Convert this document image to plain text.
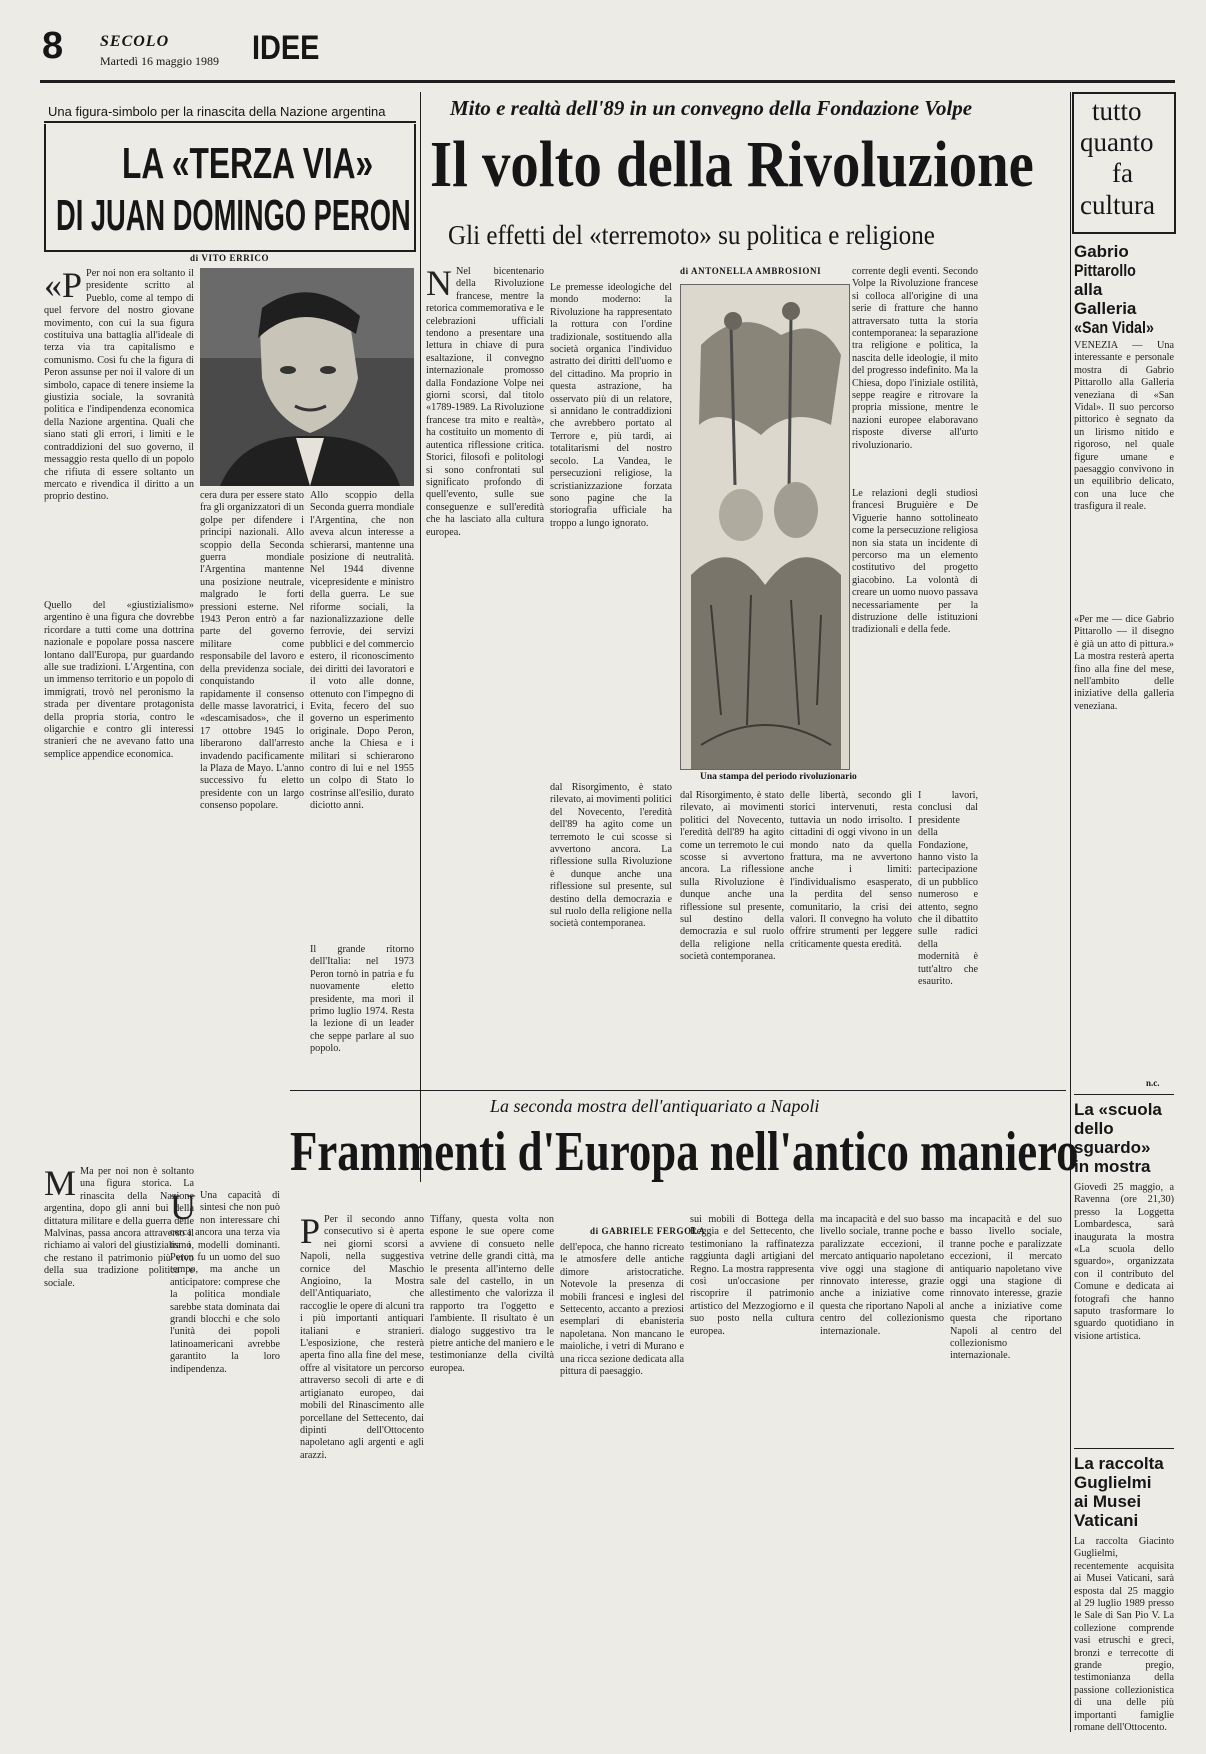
8 SECOLO
Martedì 16 maggio 1989 IDEE
Una figura-simbolo per la rinascita della Nazione argentina
LA «TERZA VIA»
DI JUAN DOMINGO PERON
di VITO ERRICO
«P Per noi non era soltanto il presidente scritto al Pueblo, come al tempo di quel fervore del nostro giovane movimento, con cui la sua figura costituiva una battaglia all'ideale di terza via tra capitalismo e comunismo. Così fu che la figura di Peron assunse per noi il valore di un simbolo, capace di tenere insieme la giustizia sociale, la sovranità politica e l'indipendenza economica della Nazione argentina. Quali che siano stati gli errori, i limiti e le contraddizioni del suo governo, il messaggio resta quello di un popolo che rifiuta di essere soltanto un mercato e rivendica il diritto a un proprio destino.
Quello del «giustizialismo» argentino è una figura che dovrebbe ricordare a tutti come una dottrina nazionale e popolare possa nascere lontano dall'Europa, pur guardando alle sue tradizioni. L'Argentina, con un immenso territorio e un popolo di immigrati, trovò nel peronismo la strada per diventare protagonista della propria storia, contro le oligarchie e contro gli interessi stranieri che ne avevano fatto una semplice appendice economica.
cera dura per essere stato fra gli organizzatori di un golpe per difendere i principi nazionali. Allo scoppio della Seconda guerra mondiale l'Argentina mantenne una posizione neutrale, malgrado le forti pressioni esterne. Nel 1943 Peron entrò a far parte del governo militare come responsabile del lavoro e della previdenza sociale, conquistando rapidamente il consenso delle masse lavoratrici, i «descamisados», che il 17 ottobre 1945 lo liberarono dall'arresto invadendo pacificamente la Plaza de Mayo. L'anno successivo fu eletto presidente con un largo consenso popolare.
Allo scoppio della Seconda guerra mondiale l'Argentina, che non aveva alcun interesse a schierarsi, mantenne una posizione di neutralità. Nel 1944 divenne vicepresidente e ministro della guerra. Le sue riforme sociali, la nazionalizzazione delle ferrovie, dei servizi pubblici e del commercio estero, il riconoscimento dei diritti dei lavoratori e il voto alle donne, ottenuto con l'impegno di Evita, fecero del suo governo un esperimento originale. Dopo Peron, anche la Chiesa e i militari si schierarono contro di lui e nel 1955 un colpo di Stato lo costrinse all'esilio, durato diciotto anni.
Il grande ritorno dell'Italia: nel 1973 Peron tornò in patria e fu nuovamente eletto presidente, ma morì il primo luglio 1974. Resta la lezione di un leader che seppe parlare al suo popolo.
M Ma per noi non è soltanto una figura storica. La rinascita della Nazione argentina, dopo gli anni bui della dittatura militare e della guerra delle Malvinas, passa ancora attraverso il richiamo ai valori del giustizialismo, che restano il patrimonio più vivo della sua tradizione politica e sociale.
U Una capacità di sintesi che non può non interessare chi cerca ancora una terza via tra i modelli dominanti. Peron fu un uomo del suo tempo, ma anche un anticipatore: comprese che la politica mondiale sarebbe stata dominata dai grandi blocchi e che solo l'unità dei popoli latinoamericani avrebbe garantito la loro indipendenza.
Mito e realtà dell'89 in un convegno della Fondazione Volpe
Il volto della Rivoluzione
Gli effetti del «terremoto» su politica e religione
di ANTONELLA AMBROSIONI
N Nel bicentenario della Rivoluzione francese, mentre la retorica commemorativa e le celebrazioni ufficiali tendono a presentare una lettura in chiave di pura esaltazione, il convegno internazionale promosso dalla Fondazione Volpe nei giorni scorsi, dal titolo «1789-1989. La Rivoluzione francese tra mito e realtà», ha costituito un momento di autentica riflessione critica. Storici, filosofi e politologi si sono confrontati sul significato profondo di quell'evento, sulle sue conseguenze e sull'eredità che ha lasciato alla cultura europea.
Le premesse ideologiche del mondo moderno: la Rivoluzione ha rappresentato la rottura con l'ordine tradizionale, sostituendo alla società organica l'individuo astratto dei diritti dell'uomo e del cittadino. Ma proprio in questa astrazione, ha osservato più di un relatore, si annidano le contraddizioni che avrebbero portato al Terrore e, più tardi, ai totalitarismi del nostro secolo. La Vandea, le persecuzioni religiose, la scristianizzazione forzata sono pagine che la storiografia ufficiale ha troppo a lungo ignorato.
dal Risorgimento, è stato rilevato, ai movimenti politici del Novecento, l'eredità dell'89 ha agito come un terremoto le cui scosse si avvertono ancora. La riflessione sulla Rivoluzione è dunque anche una riflessione sul presente, sul destino della democrazia e sul ruolo della religione nella società contemporanea.
Una stampa del periodo rivoluzionario
corrente degli eventi. Secondo Volpe la Rivoluzione francese si colloca all'origine di una serie di fratture che hanno attraversato tutta la storia contemporanea: la separazione tra religione e politica, la nascita delle ideologie, il mito del progresso indefinito. Ma la Chiesa, dopo l'iniziale ostilità, seppe reagire e ritrovare la propria missione, mentre le nazioni europee elaboravano risposte diverse all'urto rivoluzionario.
Le relazioni degli studiosi francesi Bruguière e De Viguerie hanno sottolineato come la persecuzione religiosa non sia stata un incidente di percorso ma un elemento costitutivo del progetto giacobino. La volontà di creare un uomo nuovo passava necessariamente per la distruzione delle istituzioni tradizionali e della fede.
delle libertà, secondo gli storici intervenuti, resta tuttavia un nodo irrisolto. I cittadini di oggi vivono in un mondo nato da quella frattura, ma ne avvertono anche i limiti: l'individualismo esasperato, la perdita del senso comunitario, la crisi dei valori. Il convegno ha voluto offrire strumenti per leggere criticamente questa eredità.
I lavori, conclusi dal presidente della Fondazione, hanno visto la partecipazione di un pubblico numeroso e attento, segno che il dibattito sulle radici della modernità è tutt'altro che esaurito.
dal Risorgimento, è stato rilevato, ai movimenti politici del Novecento, l'eredità dell'89 ha agito come un terremoto le cui scosse si avvertono ancora. La riflessione sulla Rivoluzione è dunque anche una riflessione sul presente, sul destino della democrazia e sul ruolo della religione nella società contemporanea.
La seconda mostra dell'antiquariato a Napoli
Frammenti d'Europa nell'antico maniero
di GABRIELE FERGOLA
P Per il secondo anno consecutivo si è aperta nei giorni scorsi a Napoli, nella suggestiva cornice del Maschio Angioino, la Mostra dell'Antiquariato, che raccoglie le opere di alcuni tra i più importanti antiquari italiani e stranieri. L'esposizione, che resterà aperta fino alla fine del mese, offre al visitatore un percorso attraverso secoli di arte e di artigianato europeo, dai mobili del Rinascimento alle porcellane del Settecento, dai dipinti dell'Ottocento napoletano agli argenti e agli arazzi.
Tiffany, questa volta non espone le sue opere come avviene di consueto nelle vetrine delle grandi città, ma le presenta all'interno delle sale del castello, in un allestimento che valorizza il rapporto tra l'oggetto e l'ambiente. Il risultato è un dialogo suggestivo tra le pietre antiche del maniero e le testimonianze della civiltà europea.
dell'epoca, che hanno ricreato le atmosfere delle antiche dimore aristocratiche. Notevole la presenza di mobili francesi e inglesi del Settecento, accanto a preziosi esemplari di ebanisteria napoletana. Non mancano le maioliche, i vetri di Murano e una ricca sezione dedicata alla pittura di paesaggio.
sui mobili di Bottega della Reggia e del Settecento, che testimoniano la raffinatezza raggiunta dagli artigiani del Regno. La mostra rappresenta così un'occasione per riscoprire il patrimonio artistico del Mezzogiorno e il suo posto nella cultura europea.
ma incapacità e del suo basso livello sociale, tranne poche e paralizzate eccezioni, il mercato antiquario napoletano vive oggi una stagione di rinnovato interesse, grazie anche a iniziative come questa che riportano Napoli al centro del collezionismo internazionale.
ma incapacità e del suo basso livello sociale, tranne poche e paralizzate eccezioni, il mercato antiquario napoletano vive oggi una stagione di rinnovato interesse, grazie anche a iniziative come questa che riportano Napoli al centro del collezionismo internazionale.
tutto
quanto
fa
cultura
Gabrio
Pittarollo
alla
Galleria
«San Vidal»
VENEZIA — Una interessante e personale mostra di Gabrio Pittarollo alla Galleria veneziana di «San Vidal». Il suo percorso pittorico è segnato da un lirismo nitido e rigoroso, nel quale figure umane e paesaggio convivono in un equilibrio delicato, con una luce che trasfigura il reale.
«Per me — dice Gabrio Pittarollo — il disegno è già un atto di pittura.» La mostra resterà aperta fino alla fine del mese, nell'ambito delle iniziative della galleria veneziana.
n.c.
La «scuola
dello
sguardo»
in mostra
Giovedì 25 maggio, a Ravenna (ore 21,30) presso la Loggetta Lombardesca, sarà inaugurata la mostra «La scuola dello sguardo», organizzata con il contributo del Comune e dedicata ai fotografi che hanno saputo trasformare lo sguardo quotidiano in visione artistica.
La raccolta
Guglielmi
ai Musei
Vaticani
La raccolta Giacinto Guglielmi, recentemente acquisita ai Musei Vaticani, sarà esposta dal 25 maggio al 29 luglio 1989 presso le Sale di San Pio V. La collezione comprende vasi etruschi e greci, bronzi e terrecotte di grande pregio, testimonianza della passione collezionistica di una delle più importanti famiglie romane dell'Ottocento.
